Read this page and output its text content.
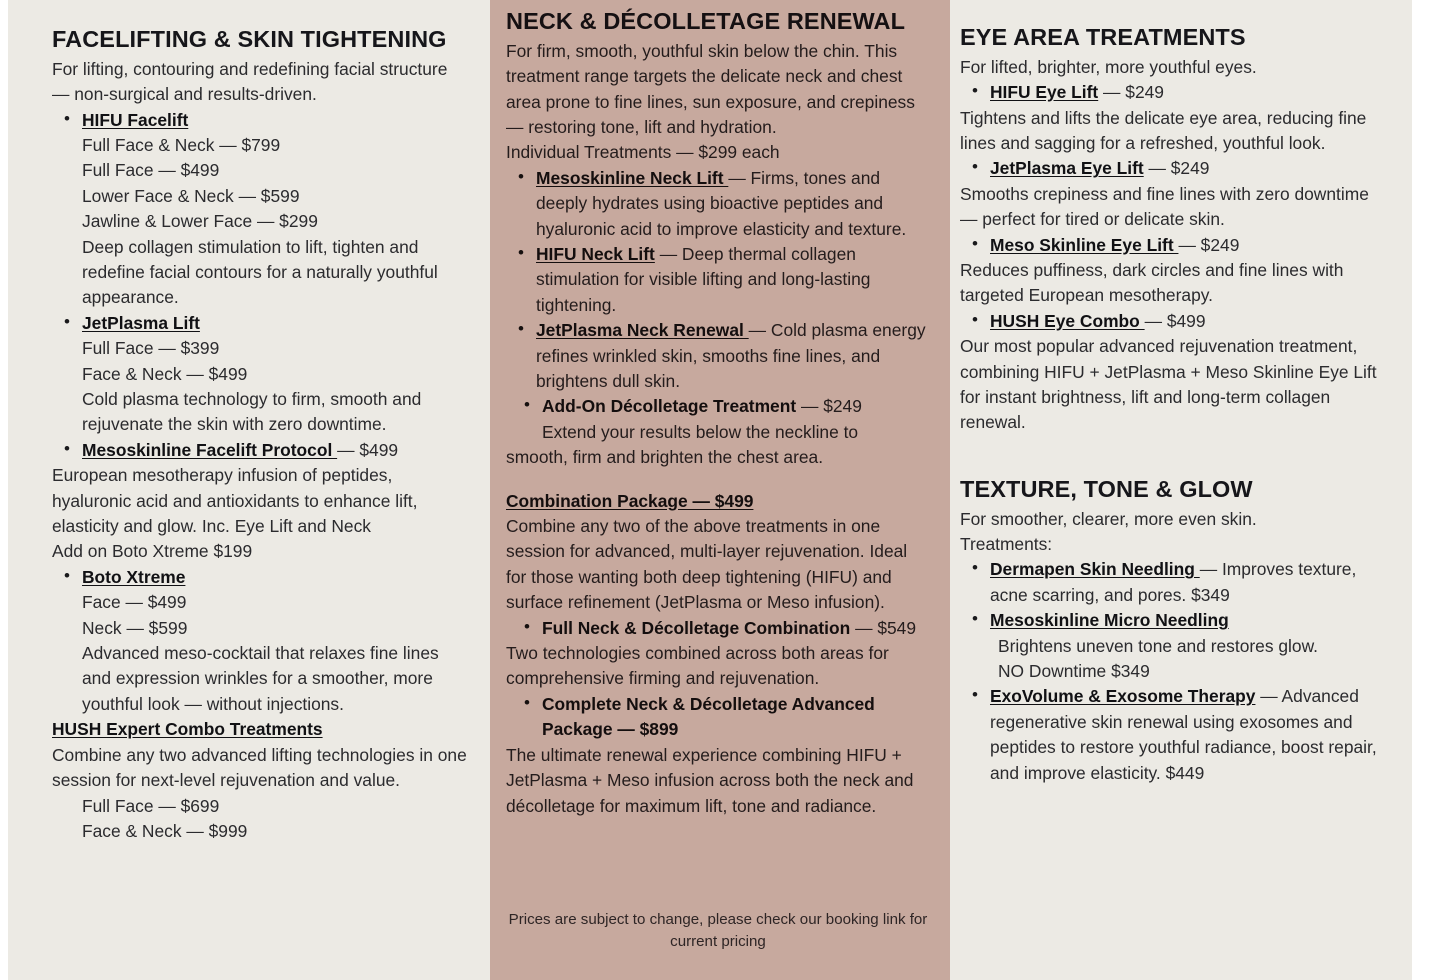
FACELIFTING & SKIN TIGHTENING

For lifting, contouring and redefining facial structure — non-surgical and results-driven.

• HIFU Facelift
Full Face & Neck — $799
Full Face — $499
Lower Face & Neck — $599
Jawline & Lower Face — $299
Deep collagen stimulation to lift, tighten and redefine facial contours for a naturally youthful appearance.
• JetPlasma Lift
Full Face — $399
Face & Neck — $499
Cold plasma technology to firm, smooth and rejuvenate the skin with zero downtime.
• Mesoskinline Facelift Protocol — $499

European mesotherapy infusion of peptides, hyaluronic acid and antioxidants to enhance lift, elasticity and glow. Inc. Eye Lift and Neck

Add on Boto Xtreme $199

• Boto Xtreme
Face — $499
Neck — $599
Advanced meso-cocktail that relaxes fine lines and expression wrinkles for a smoother, more youthful look — without injections.

HUSH Expert Combo Treatments

Combine any two advanced lifting technologies in one session for next-level rejuvenation and value.

Full Face — $699
Face & Neck — $999
NECK & DÉCOLLETAGE RENEWAL

For firm, smooth, youthful skin below the chin. This treatment range targets the delicate neck and chest area prone to fine lines, sun exposure, and crepiness — restoring tone, lift and hydration.

Individual Treatments — $299 each

• Mesoskinline Neck Lift — Firms, tones and deeply hydrates using bioactive peptides and hyaluronic acid to improve elasticity and texture.
• HIFU Neck Lift — Deep thermal collagen stimulation for visible lifting and long-lasting tightening.
• JetPlasma Neck Renewal — Cold plasma energy refines wrinkled skin, smooths fine lines, and brightens dull skin.
• Add-On Décolletage Treatment — $249
Extend your results below the neckline to

smooth, firm and brighten the chest area.

Combination Package — $499

Combine any two of the above treatments in one session for advanced, multi-layer rejuvenation. Ideal for those wanting both deep tightening (HIFU) and surface refinement (JetPlasma or Meso infusion).

• Full Neck & Décolletage Combination — $549

Two technologies combined across both areas for comprehensive firming and rejuvenation.

• Complete Neck & Décolletage Advanced Package — $899

The ultimate renewal experience combining HIFU + JetPlasma + Meso infusion across both the neck and décolletage for maximum lift, tone and radiance.

Prices are subject to change, please check our booking link for current pricing
EYE AREA TREATMENTS

For lifted, brighter, more youthful eyes.

• HIFU Eye Lift — $249

Tightens and lifts the delicate eye area, reducing fine lines and sagging for a refreshed, youthful look.

• JetPlasma Eye Lift — $249

Smooths crepiness and fine lines with zero downtime — perfect for tired or delicate skin.

• Meso Skinline Eye Lift — $249

Reduces puffiness, dark circles and fine lines with targeted European mesotherapy.

• HUSH Eye Combo — $499

Our most popular advanced rejuvenation treatment, combining HIFU + JetPlasma + Meso Skinline Eye Lift for instant brightness, lift and long-term collagen renewal.

TEXTURE, TONE & GLOW

For smoother, clearer, more even skin.

Treatments:

• Dermapen Skin Needling — Improves texture, acne scarring, and pores. $349
• Mesoskinline Micro Needling
Brightens uneven tone and restores glow.
NO Downtime $349
• ExoVolume & Exosome Therapy — Advanced regenerative skin renewal using exosomes and peptides to restore youthful radiance, boost repair, and improve elasticity. $449
